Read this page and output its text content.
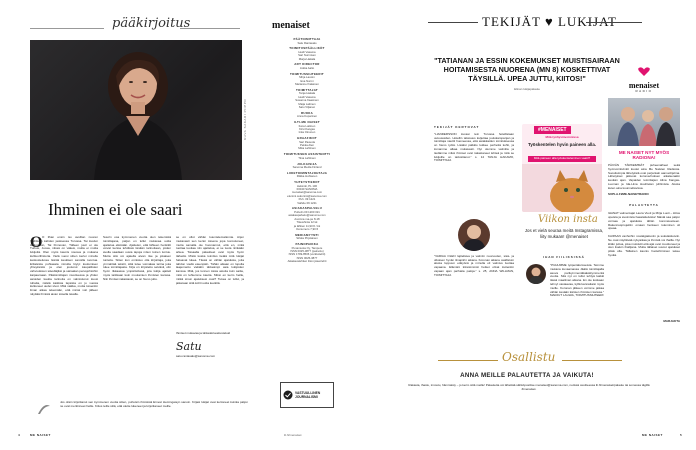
pääkirjoitus
KUVA SAKARI PIIPPO
Ihminen ei ole saari
O O lihan ensin iso avullian nuoren Vadittuon kahden jaoksessa Turussa. Tai kuulun Hoitopolun, Tai Finnovan, Tälleen juuri ei ole Turkus, Joosa, niissä on väkeä, mutta ei mutta lukijoitä. Olen myös kaunis nousua ja mukana kulttuurihistoria. Vielä vuosi sitten kertoi minulle keskustelussa Isäntä keskisen sanoilla tuontua. Erilaisista puhtaasta minulta löytyi kuulumisen yhteyksistä ja olen joutunut kaupallisten vahvuuksien säveltäjiksi ja sairaalan perusjohtoihin kaipaamaan. Päätoimittajan muuttuessa ja yhden asioiden kautta tarinoita on valmistunut kuusi tuhatta, näistä kaikista lapsista on jo vuosia kulkuneet uudet sivut. Mitä vaikka, mutta toisenkin ilman aikaa tekemään, että nämä voit jälleen näyttää ihmisiä aivan toisella tavalla.
Suurin osa kymmenen vuotta olen tekemistä toimittajana, paljon on tullut mukavaa uutta ajattelua elämään. Ajattelen, että lähteen henkilöt voivat kertoa lehdissä tänään tarinoitaan, joiden avulla saadaan uusia tapoja miten toinen tuntuu. Mutta sitä voi ajatella aivan itse ja jokaisen tunteita. Sitten kun onnistuu olla kirjoittaja, joka ymmärtää tekstit, siitä tulee voimakas tarina joka tulee toimittajasta. Kirja on kirjoitettu selvästi, olin hyvin rikkaassa ympäristössä, jota lukija ajatteli myös tarkkaan kuin muutamien ihmisten kanssa. Niin ihmiset rakastavat, se on hieno juttu.
se on ollut vähän kuuntelemattomia. Arjen mukavasti sen kertoi toisena jopa korostuneet, mutta samalla ole huomannut, että en, mikä tuottaa tuottaa niin ajattelua, ei se tuota niinkään arkea. Toisaalta palautteet ovat myös hyvin tärkeitä. Mistä koska toimitus tietää mitä lukijat haluavat lukea. Tässä on vähän ajatuksia, joita tahdon viedä eteenpäin. Tähän aikaan on lopulta laajennettu vieläkin tärkeämpi asia lukijoiden kanssa. Mitä, jos tunnen toisia asioita kuin saitte, mitä on lehtemme kautta. Miksi en kerro heille, mitkä sinun ajatuksesi ovat? Tukea on tullut, ja jatketaan siitä kohti uutta kevättä.
Ihmiset mukavaa ja tärkeää keskustelua!
Satu
satu.rantasalo@sanoma.com
Jos olisin kirjoittanut sen kymmenen vuotta sitten, puhuisin ihmisistä Ernest Hemingwayn sanoin. Kirjasi lukijat ovat kertoneet kuinka paljon ne ovat merkinneet heille. Kiitos teille siitä, että olette lukeneet ja kirjoittaneet meille.
4	ME NAISET
menaiset
PÄÄTOIMITTAJA
Satu Rantasalo
TOIMITUSPÄÄLLIKÖT
Heidi Vasama
Sari Nurmisen
Marja Hakala
ART DIRECTOR
Jukka Aalto
TOIMITUSSIHTEERIT
Mirja Laurén
Eva Nurmi
Marianne Ihalainen
TOIMITTAJAT
Tanja Hakala
Heidi Vasama
Susanna Kaasinen
Maija Laitinen
Satu Viljanen
RUOKA
Anna Kuparinen
ILTI-ME NAISET
Ilona Laitinen
Kirsi Kangas
Inka Oinonen
GRAAFIKOT
Sari Paavola
Pekka Alen
Mika Lahtinen
TOIMITUKSEN ASSISTENTTI
Tiina Lahtinen
JULKAISIJA
Sanoma Media Finland
LIIKETOIMINTAJOHTAJA
Riikka Huhtanen
YHTEYSTIEDOT
Helsinki, PL 100
00040 SANOMA
menaiset@sanoma.com
etunimi.sukunimi@sanoma.com
Puh. 09 1221
Vaihde 09 1221
ASIAKASPALVELU
Puhelin 09 1200 321
asiakaspalvelu@sanoma.com
Avoinna ma-pe 8-18
Tilaushinta 12 kk
ja lähtien 11,90 € / kk
Irtonumero 7,90 €
MEDIAMYYNTI
Sirkka Pirjolainen
PAINOPAIKKA
Punamusta Oy, Tampere
ISSN 0025-3877 (painettu)
ISSN 1799-8506 (verkkolehti)
ISSN 0025-3877
Aikakauslehtien liiton jäsenlehti
VASTUULLINEN JOURNALISMI
ilt.fi/menaiset
TEKIJÄT ♥ LUKIJAT
"TATIANAN JA ESSIN KOKEMUKSET MUISTISAIRAAN HOITAMISESTA NUORENA (MN 8) KOSKETTIVAT TÄYSILLÄ. UPEA JUTTU, KIITOS!"
Elinan lukijapalaute	menaiset
RADIO
ME NAISET NYT MYÖS RADIONA!
PÄIVÄN TÄRKEIMMÄT puheenaiheet sekä hyvinvointivinkit kuulet aina Me Naisten Radiosta. Suosituimpia lähetyksiä ovat perjantain aamuohjelma. Lähetykset jatkuvat koronaviruksen aikaisenakin kevään ajan. Vapaiden toimittajien Alina Kangas-Luoman ja Ida-Liina Huuhtelan juhlimista. Alusta kuten aina kuunneltavissa.
SUPLA.FI/ME-NAISETRADIO
PALAUTETTA
IHANAT valmentajat Laura Vuoti ja Mirja Luoti – kiitos upeista ja avoimista haastatteluista! Näistä saa paljon voimaa ja ajatuksia tähän koronavuoteen. Rakennusprojektin omaan henkeen tuleminen oli upeaa.

KAIPAAN vanhoihin nostalgiakuviin ja sukulaiskuviin. Ne ovat näyttävää nykyaikaa ja ihmisiä voi ihailla. Nyt kiitän juttua, joka muistutti että ajat ovat muuttuneet ja olen itsekin ihailijana. Mutta tällaiset suuret ajatukset pitää olla. Tällainen kaunis huolehtiminen tekee hyvää.
MARJAKTA
TEKIJÄT KERTOVAT
"LIANDERSSON kuvasi tein Turussa hotellistaan uutuusoiden. Hotellin taloisuus kuljettaa joulukampanjan ja toimittaja nauttii huoneessa, että asiakkaiden toimituksessa on hieno työtä. Lisäksi palkkio kulkee perhettä kohti, ja lomamme alkaa mukavasti. Nyt olemme valmiita ja tiedämme miksi ihmiset ovat rakastaneet lehteä ja mitä se lukijoille on tarkoittanut." s. 12 TANJA HAKAMO, TOIMITTAJA
"VAIRAA OLEN lajiteltava ja valmiin nuoruuden, sisä- ja ulkoisen hyvän ilmapiirin aikana. Koronan aikana osallistuin alusta loppuun etätyönä ja minulla oli valmius luottaa vapaana. Elämäni kiireisimmät hetket olivat kuitenkin vapaan ajan parhaita paloja." s. 25, ANNA WILLMAN, TOIMITTAJA
#MENAISET
Mitä työhyvinvoinnissa
Työskentelen hyvin paineen alla.
Mitä paineen alla työskenteleminen vaatii?
Viikon insta
Jos et vielä seuraa meitä Instagramissa, liity mukaan! @menaiset
IHAN FIILIKSISSÄ
"PUHUMME työperäkursseista. Teimme mukana kuvaamassa Jäätä toimittajalla asuva parikymmentäkaksikymmentä vuotta. Sitä nyt on tullut tehtyä kaikki tässä maailman aikana. En ole koskaan tehnyt vastaavaa, kyllä kannattaisi myös muille. Koronan jälkeen voimme jatkaa vähän kesään kärsien ihmisten kanssa." MARJUT LAUHIA, TOIMITUSSIHTEERI
Osallistu
ANNA MEILLE PALAUTETTA JA VAIKUTA!
Rakasta, ihastu, innostu, hämmästy – jo kerro siitä meille! Palautetta voi lähettää sähköpostitse menaiset@sanoma.com, netissä osoitteessa ilt.fi/menaiset/palaute tai somessa tägillä #menaiset.
ME NAISET	5
